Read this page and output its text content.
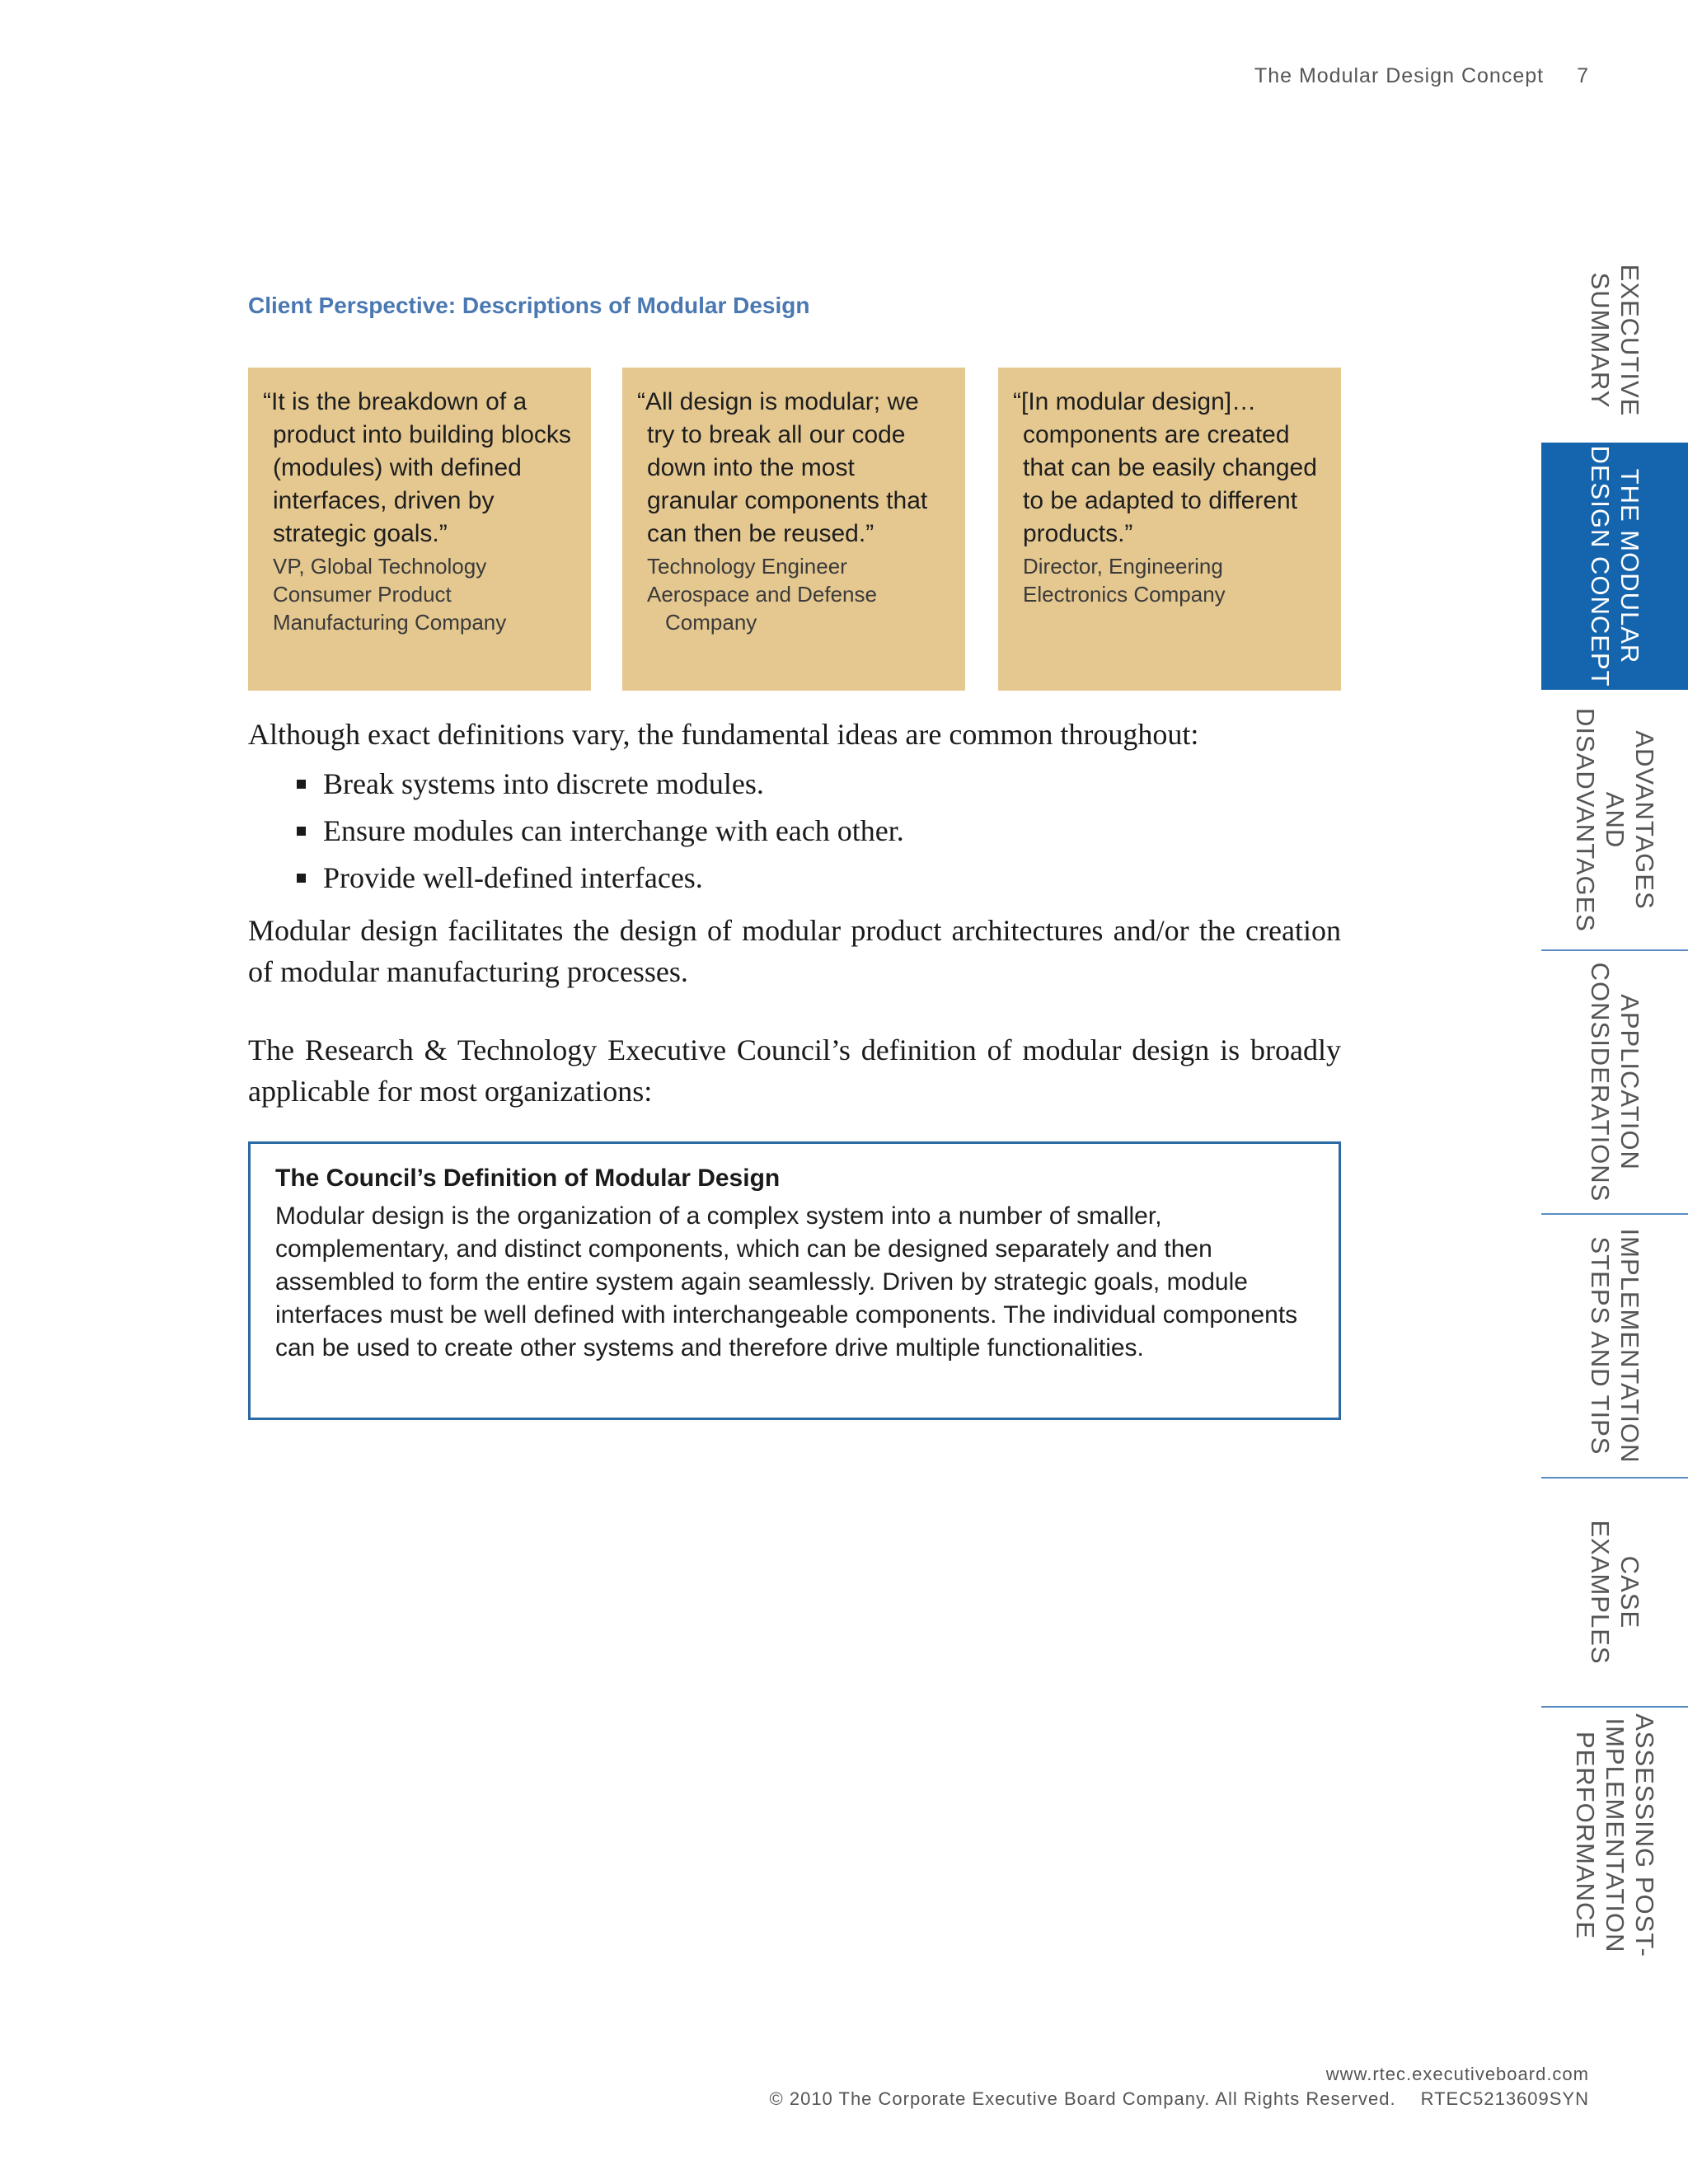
The Modular Design Concept 7
Client Perspective: Descriptions of Modular Design
“It is the breakdown of a product into building blocks (modules) with defined interfaces, driven by strategic goals.”
VP, Global Technology
Consumer Product
Manufacturing Company
“All design is modular; we try to break all our code down into the most granular components that can then be reused.”
Technology Engineer
Aerospace and Defense
Company
“[In modular design]… components are created that can be easily changed to be adapted to different products.”
Director, Engineering
Electronics Company

Although exact definitions vary, the fundamental ideas are common throughout:

Break systems into discrete modules.
Ensure modules can interchange with each other.
Provide well-defined interfaces.

Modular design facilitates the design of modular product architectures and/or the creation of modular manufacturing processes.

The Research & Technology Executive Council’s definition of modular design is broadly applicable for most organizations:

The Council’s Definition of Modular Design
Modular design is the organization of a complex system into a number of smaller, complementary, and distinct components, which can be designed separately and then assembled to form the entire system again seamlessly. Driven by strategic goals, module interfaces must be well defined with interchangeable components. The individual components can be used to create other systems and therefore drive multiple functionalities.
EXECUTIVE
SUMMARY
THE MODULAR
DESIGN CONCEPT
ADVANTAGES
AND
DISADVANTAGES
APPLICATION
CONSIDERATIONS
IMPLEMENTATION
STEPS AND TIPS
CASE
EXAMPLES
ASSESSING POST-
IMPLEMENTATION
PERFORMANCE
www.rtec.executiveboard.com
© 2010 The Corporate Executive Board Company. All Rights Reserved. RTEC5213609SYN
